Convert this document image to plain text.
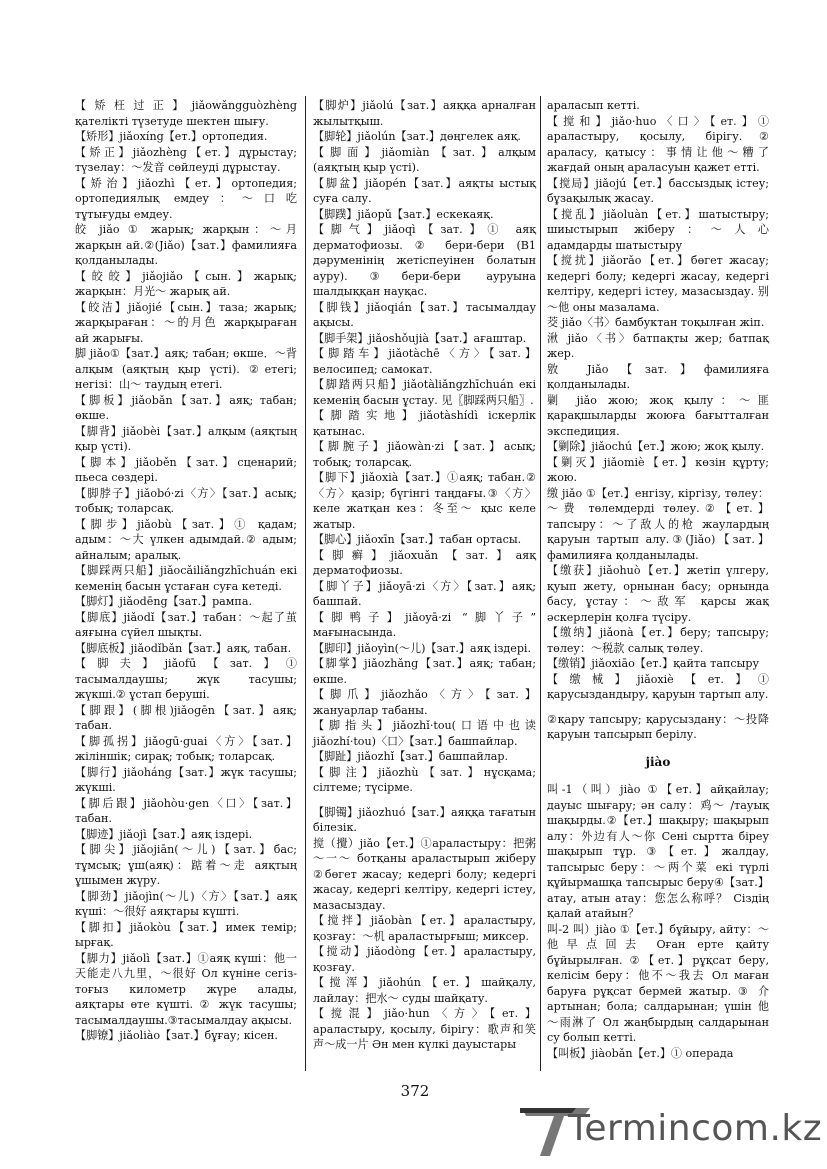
【矫枉过正】jiǎowǎngguòzhèng қателікті түзетуде шектен шығу.

【矫形】jiǎoxíng【ет.】ортопедия.

【矫正】jiǎozhèng【ет.】дұрыстау; түзелау：～发音 сөйлеуді дұрыстау.

【矫治】jiǎozhì【ет.】ортопедия; ортопедиялық емдеу：～口吃 тұтығуды емдеу.

皎 jiǎo ① жарық; жарқын：～月 жарқын ай.②(Jiǎo)【зат.】фамилияға қолданылады.

【皎皎】jiǎojiǎo【сын.】жарық; жарқын：月光～ жарық ай.

【皎洁】jiǎojié【сын.】таза; жарық; жарқыраған：～的月色 жарқыраған ай жарығы.

脚 jiǎo①【зат.】аяқ; табан; өкше．～背 алқым (аяқтың қыр үсті). ②етегі; негізі：山～ таудың етегі.

【脚板】jiǎobǎn【зат.】аяқ; табан; өкше.

【脚背】jiǎobèi【зат.】алқым (аяқтың қыр үсті).

【脚本】jiǎoběn【зат.】сценарий; пьеса сөздері.

【脚脖子】jiǎobó·zi〈方〉【зат.】асық; тобық; толарсақ.

【脚步】jiǎobù【зат.】① қадам; адым：～大 үлкен адымдай.② адым; айналым; аралық.

【脚踩两只船】jiǎocǎiliǎngzhīchuán екі кеменің басын ұстаған суға кетеді.

【脚灯】jiǎodēng【зат.】рампа.

【脚底】jiǎodǐ【зат.】табан：～起了茧 аяғына сүйел шықты.

【脚底板】jiǎodǐbǎn【зат.】аяқ, табан.

【脚夫】jiǎofū【зат.】① тасымалдаушы; жүк тасушы; жүкші.② ұстап беруші.

【脚跟】(脚根)jiǎogēn【зат.】аяқ; табан.

【脚孤拐】jiǎogū·guai〈方〉【зат.】жіліншік; сирақ; тобық; толарсақ.

【脚行】jiǎoháng【зат.】жүк тасушы; жүкші.

【脚后跟】jiǎohòu·gen〈口〉【зат.】табан.

【脚迹】jiǎojì【зат.】аяқ іздері.

【脚尖】jiǎojiān(～儿)【зат.】бас; тұмсық; ұш(аяқ)：踮着～走 аяқтың ұшымен жүру.

【脚劲】jiǎojìn(～儿)〈方〉【зат.】аяқ күші：～很好 аяқтары күшті.

【脚扣】jiǎokòu【зат.】имек темір; ырғақ.

【脚力】jiǎolì【зат.】①аяқ күші：他一天能走八九里，～很好 Ол күніне сегіз-тоғыз километр жүре алады, аяқтары өте күшті. ② жүк тасушы; тасымалдаушы.③тасымалдау ақысы.

【脚镣】jiǎoliào【зат.】бұғау; кісен.

【脚炉】jiǎolú【зат.】аяққа арналған жылытқыш.

【脚轮】jiǎolún【зат.】дөңгелек аяқ.

【脚面】jiǎomiàn【зат.】алқым (аяқтың қыр үсті).

【脚盆】jiǎopén【зат.】аяқты ыстық суға салу.

【脚蹼】jiǎopǔ【зат.】ескекаяқ.

【脚气】jiǎoqì【зат.】① аяқ дерматофиозы. ② бери-бери (В1 дәруменінің жетіспеуінен болатын ауру).③бери-бери ауруына шалдыққан науқас.

【脚钱】jiǎoqián【зат.】тасымалдау ақысы.

【脚手架】jiǎoshǒujià【зат.】ағаштар.

【脚踏车】jiǎotàchē〈方〉【зат.】велосипед; самокат.

【脚踏两只船】jiǎotàliǎngzhīchuán екі кеменің басын ұстау. 见〖脚踩两只船〗.

【脚踏实地】jiǎotàshídì іскерлік қатынас.

【脚腕子】jiǎowàn·zi【зат.】асық; тобық; толарсақ.

【脚下】jiǎoxià【зат.】①аяқ; табан.②〈方〉қазір; бүгінгі таңдағы.③〈方〉келе жатқан кез：冬至～ қыс келе жатыр.

【脚心】jiǎoxīn【зат.】табан ортасы.

【脚癣】jiǎoxuǎn【зат.】аяқ дерматофиозы.

【脚丫子】jiǎoyā·zi〈方〉【зат.】аяқ; башпай.

【脚鸭子】jiǎoyā·zi “脚丫子” мағынасында.

【脚印】jiǎoyìn(～儿)【зат.】аяқ іздері.

【脚掌】jiǎozhǎng【зат.】аяқ; табан; өкше.

【脚爪】jiǎozhǎo〈方〉【зат.】жануарлар табаны.

【脚指头】jiǎozhǐ·tou(口语中也读jiǎozhí·tou)〈口〉【зат.】башпайлар.

【脚趾】jiǎozhǐ【зат.】башпайлар.

【脚注】jiǎozhù【зат.】нұсқама; сілтеме; түсірме.

【脚镯】jiǎozhuó【зат.】аяққа тағатын білезік.

搅（攪）jiǎo【ет.】①араластыру：把粥～一～ ботқаны араластырып жіберу ②бөгет жасау; кедергі болу; кедергі жасау, кедергі келтіру, кедергі істеу, мазасыздау.

【搅拌】jiǎobàn【ет.】араластыру, қозғау：～机 араластырғыш; миксер.

【搅动】jiǎodòng【ет.】араластыру, қозғау.

【搅浑】jiǎohún【ет.】шайқалу, лайлау：把水～ суды шайқату.

【搅混】jiǎo·hun〈方〉【ет.】араластыру, қосылу, бірігу：歌声和笑声～成一片 Ән мен күлкі дауыстары

араласып кетті.

【搅和】jiǎo·huo〈口〉【ет.】① араластыру, қосылу, бірігу.② араласу, қатысу：事情让他～糟了 жағдай оның араласуын қажет етті.

【搅局】jiǎojú【ет.】бассыздық істеу; бұзақылық жасау.

【搅乱】jiǎoluàn【ет.】шатыстыру; шиыстырып жіберу：～人心 адамдарды шатыстыру

【搅扰】jiǎorǎo【ет.】бөгет жасау; кедергі болу; кедергі жасау, кедергі келтіру, кедергі істеу, мазасыздау. 别～他 оны мазалама.

茭 jiǎo〈书〉бамбуктан тоқылған жіп.

湫 jiǎo〈书〉батпақты жер; батпақ жер.

敫 Jiǎo【зат.】фамилияға қолданылады.

剿 jiǎo жою; жоқ қылу：～匪 қарақшыларды жоюға бағытталған экспедиция.

【剿除】jiǎochú【ет.】жою; жоқ қылу.

【剿灭】jiǎomiè【ет.】көзін құрту; жою.

缴 jiǎo ①【ет.】енгізу, кіргізу, төлеу：～费 төлемдерді төлеу.②【ет.】тапсыру：～了敌人的枪 жаулардың қаруын тартып алу.③(Jiǎo)【зат.】фамилияға қолданылады.

【缴获】jiǎohuò【ет.】жетіп үлгеру, қуып жету, орнынан басу; орнында басу, ұстау：～敌军 қарсы жақ әскерлерін қолға түсіру.

【缴纳】jiǎonà【ет.】беру; тапсыру; төлеу：～税款 салық төлеу.

【缴销】jiǎoxiāo【ет.】қайта тапсыру

【缴械】jiǎoxiè【ет.】① қарусыздандыру, қаруын тартып алу.

②қару тапсыру; қарусыздану：～投降 қаруын тапсырып берілу.

jiào

叫-1（叫）jiào ①【ет.】айқайлау; дауыс шығару; ән салу：鸡～ /тауық шақырды.②【ет.】шақыру; шақырып алу：外边有人～你 Сені сыртта біреу шақырып тұр. ③【ет.】жалдау, тапсырыс беру：～两个菜 екі түрлі құйырмашқа тапсырыс беру④【зат.】атау, атын атау：您怎么称呼？ Сіздің қалай атайын？

叫-2 叫）jiào ①【ет.】бұйыру, айту：～他早点回去 Оған ерте қайту бұйырылған. ②【ет.】рұқсат беру, келісім беру：他不～我去 Ол маған баруға рұқсат бермей жатыр. ③ 介 артынан; бола; салдарынан; үшін 他～雨淋了 Ол жаңбырдың салдарынан су болып кетті.

【叫板】jiàobǎn【ет.】① операда

372
Termincom.kz
